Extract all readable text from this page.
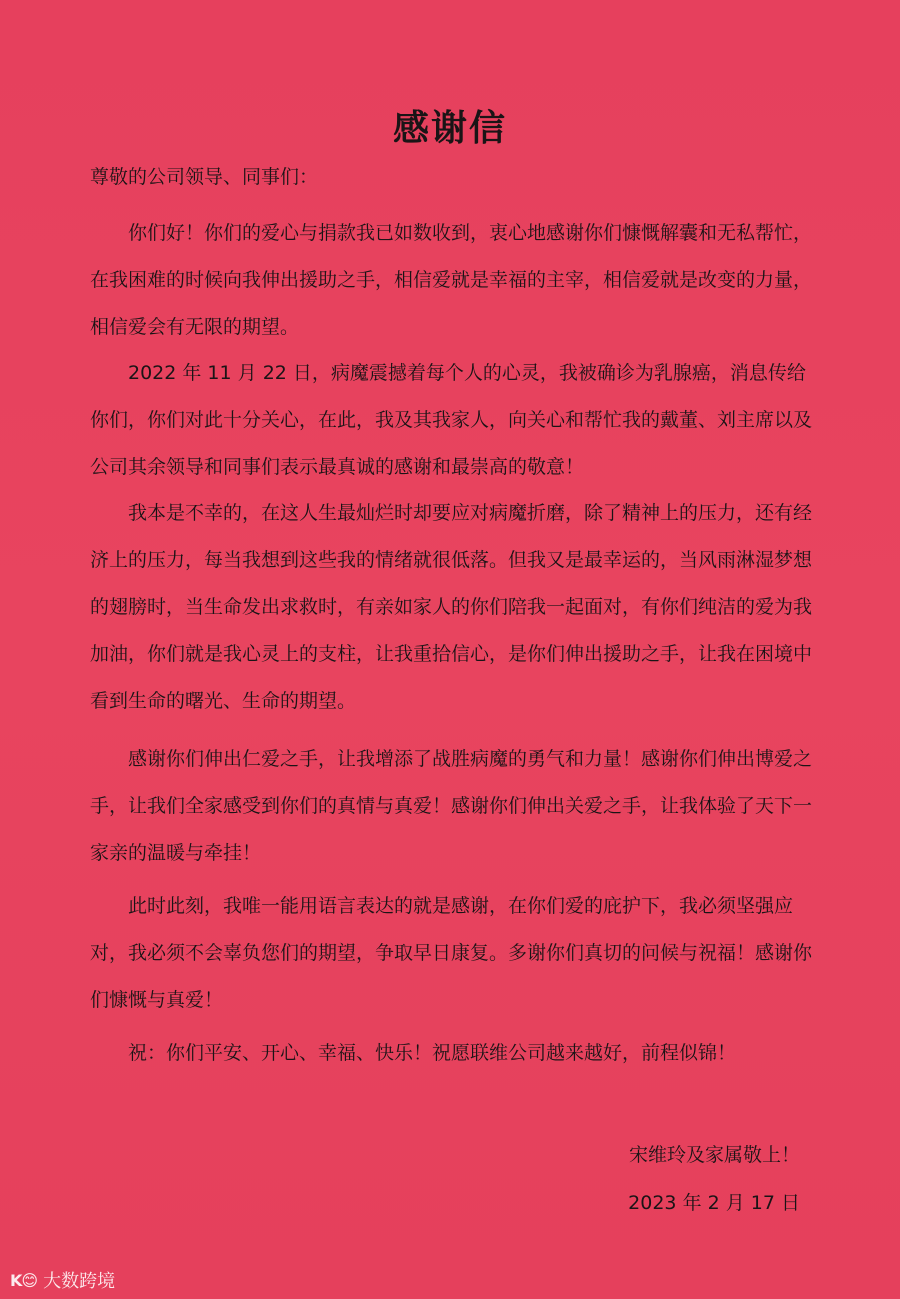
感谢信
尊敬的公司领导、同事们：

你们好！你们的爱心与捐款我已如数收到，衷心地感谢你们慷慨解囊和无私帮忙，在我困难的时候向我伸出援助之手，相信爱就是幸福的主宰，相信爱就是改变的力量，相信爱会有无限的期望。

2022 年 11 月 22 日，病魔震撼着每个人的心灵，我被确诊为乳腺癌，消息传给你们，你们对此十分关心，在此，我及其我家人，向关心和帮忙我的戴董、刘主席以及公司其余领导和同事们表示最真诚的感谢和最崇高的敬意！

我本是不幸的，在这人生最灿烂时却要应对病魔折磨，除了精神上的压力，还有经济上的压力，每当我想到这些我的情绪就很低落。但我又是最幸运的，当风雨淋湿梦想的翅膀时，当生命发出求救时，有亲如家人的你们陪我一起面对，有你们纯洁的爱为我加油，你们就是我心灵上的支柱，让我重拾信心，是你们伸出援助之手，让我在困境中看到生命的曙光、生命的期望。

感谢你们伸出仁爱之手，让我增添了战胜病魔的勇气和力量！感谢你们伸出博爱之手，让我们全家感受到你们的真情与真爱！感谢你们伸出关爱之手，让我体验了天下一家亲的温暖与牵挂！

此时此刻，我唯一能用语言表达的就是感谢，在你们爱的庇护下，我必须坚强应对，我必须不会辜负您们的期望，争取早日康复。多谢你们真切的问候与祝福！感谢你们慷慨与真爱！

祝：你们平安、开心、幸福、快乐！祝愿联维公司越来越好，前程似锦！

宋维玲及家属敬上！
2023 年 2 月 17 日
K😊 大数跨境
